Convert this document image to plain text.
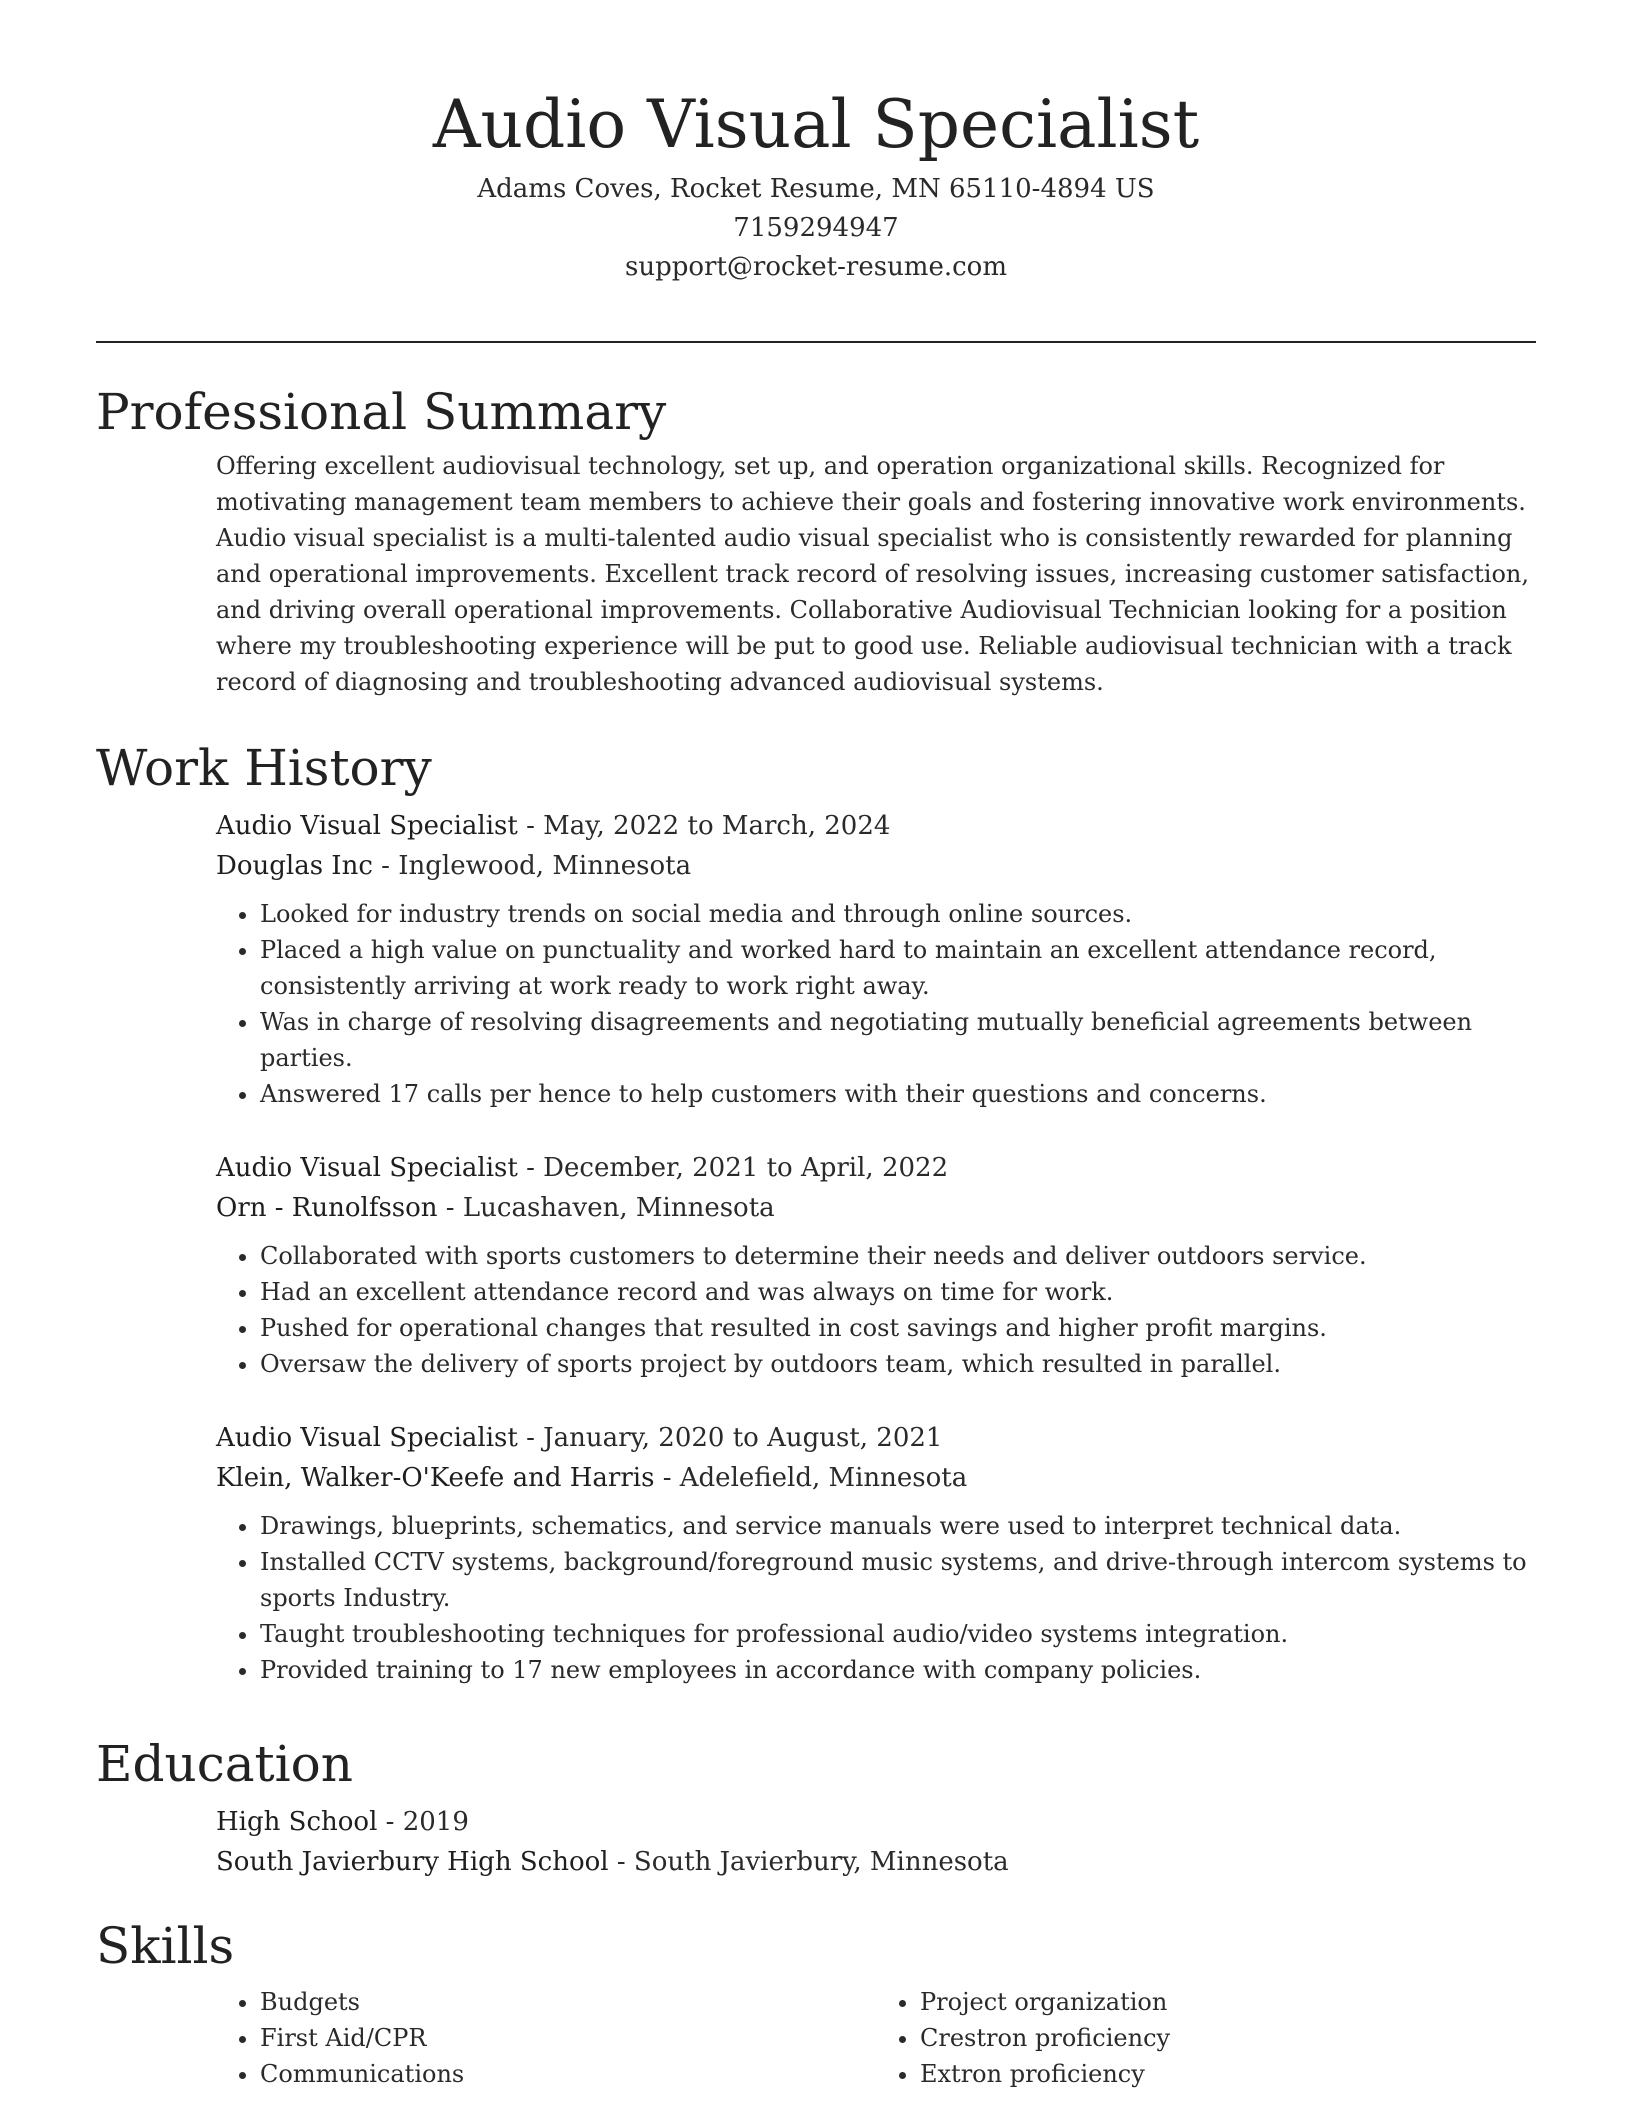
Audio Visual Specialist
Adams Coves, Rocket Resume, MN 65110-4894 US
7159294947
support@rocket-resume.com
Professional Summary

Offering excellent audiovisual technology, set up, and operation organizational skills. Recognized for motivating management team members to achieve their goals and fostering innovative work environments. Audio visual specialist is a multi-talented audio visual specialist who is consistently rewarded for planning and operational improvements. Excellent track record of resolving issues, increasing customer satisfaction, and driving overall operational improvements. Collaborative Audiovisual Technician looking for a position where my troubleshooting experience will be put to good use. Reliable audiovisual technician with a track record of diagnosing and troubleshooting advanced audiovisual systems.

Work History
Audio Visual Specialist - May, 2022 to March, 2024
Douglas Inc - Inglewood, Minnesota
• Looked for industry trends on social media and through online sources.
• Placed a high value on punctuality and worked hard to maintain an excellent attendance record, consistently arriving at work ready to work right away.
• Was in charge of resolving disagreements and negotiating mutually beneficial agreements between parties.
• Answered 17 calls per hence to help customers with their questions and concerns.
Audio Visual Specialist - December, 2021 to April, 2022
Orn - Runolfsson - Lucashaven, Minnesota
• Collaborated with sports customers to determine their needs and deliver outdoors service.
• Had an excellent attendance record and was always on time for work.
• Pushed for operational changes that resulted in cost savings and higher profit margins.
• Oversaw the delivery of sports project by outdoors team, which resulted in parallel.
Audio Visual Specialist - January, 2020 to August, 2021
Klein, Walker-O'Keefe and Harris - Adelefield, Minnesota
• Drawings, blueprints, schematics, and service manuals were used to interpret technical data.
• Installed CCTV systems, background/foreground music systems, and drive-through intercom systems to sports Industry.
• Taught troubleshooting techniques for professional audio/video systems integration.
• Provided training to 17 new employees in accordance with company policies.
Education
High School - 2019
South Javierbury High School - South Javierbury, Minnesota
Skills
• Budgets
• First Aid/CPR
• Communications
• Project organization
• Crestron proficiency
• Extron proficiency
